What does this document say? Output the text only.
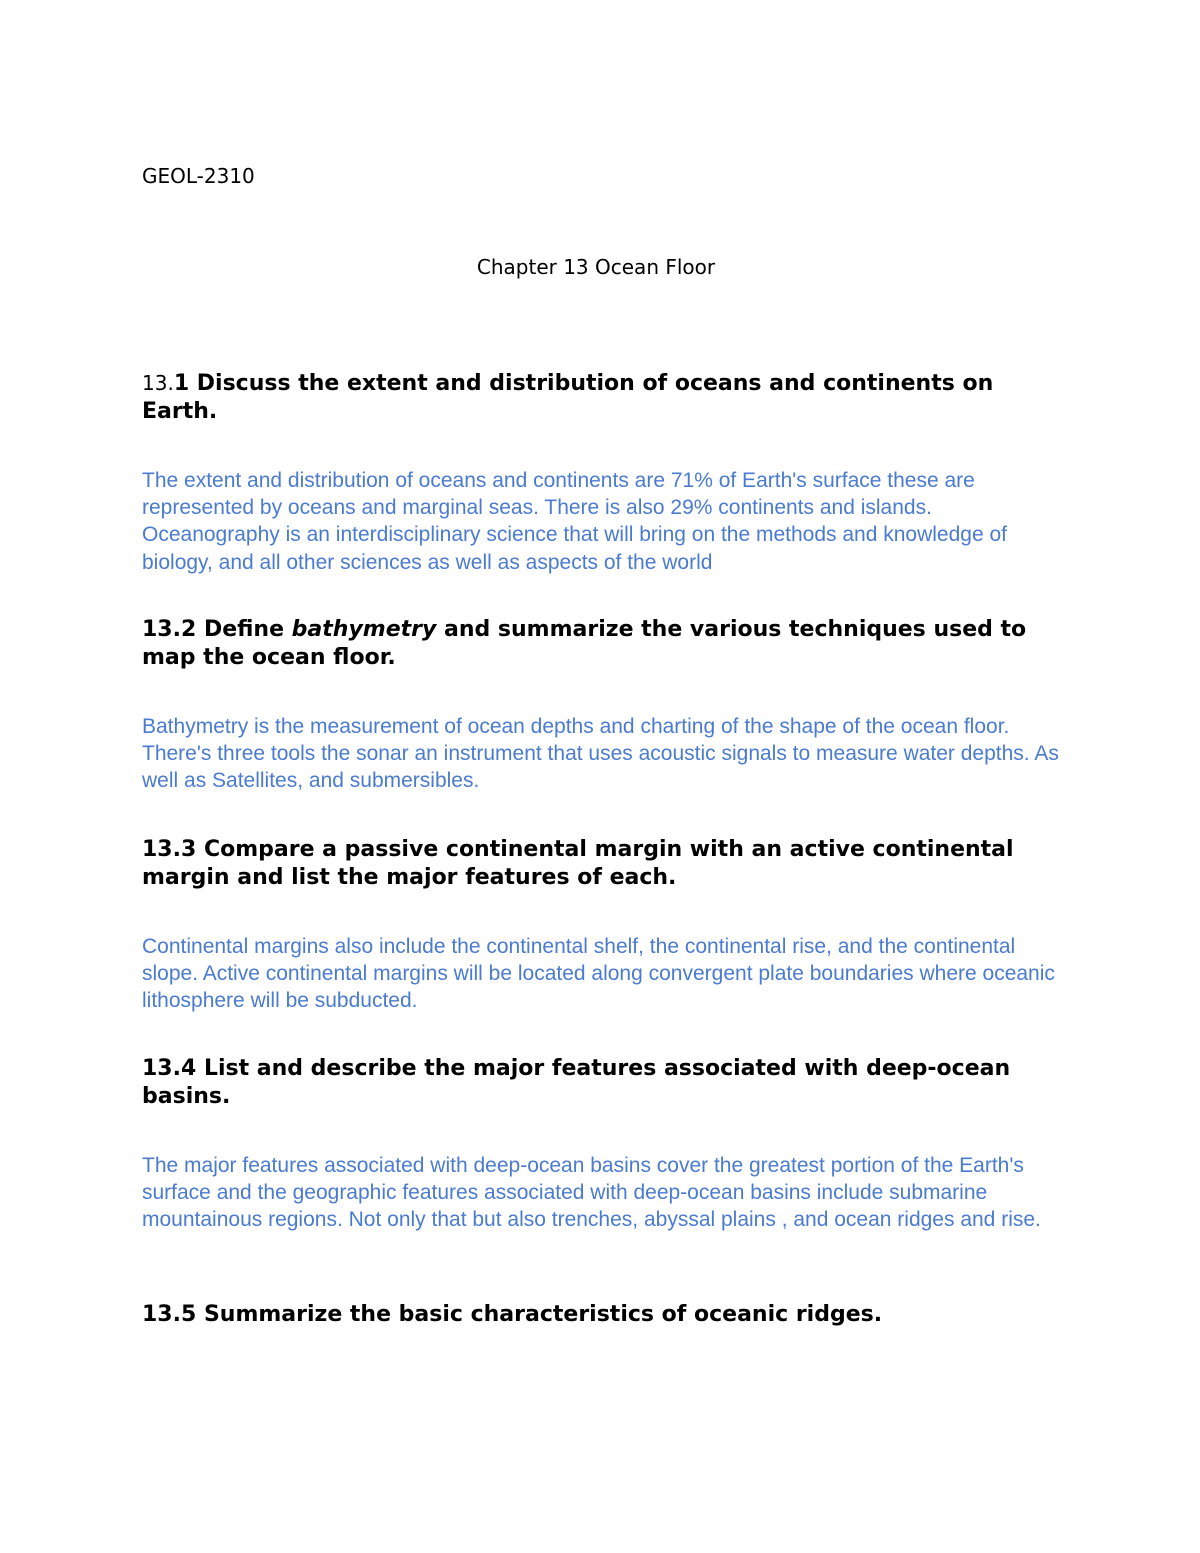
GEOL-2310

Chapter 13 Ocean Floor

13.1 Discuss the extent and distribution of oceans and continents on Earth.

The extent and distribution of oceans and continents are 71% of Earth's surface these are represented by oceans and marginal seas. There is also 29% continents and islands. Oceanography is an interdisciplinary science that will bring on the methods and knowledge of biology, and all other sciences as well as aspects of the world

13.2 Define bathymetry and summarize the various techniques used to map the ocean floor.

Bathymetry is the measurement of ocean depths and charting of the shape of the ocean floor. There's three tools the sonar an instrument that uses acoustic signals to measure water depths. As well as Satellites, and submersibles.

13.3 Compare a passive continental margin with an active continental margin and list the major features of each.

Continental margins also include the continental shelf, the continental rise, and the continental slope. Active continental margins will be located along convergent plate boundaries where oceanic lithosphere will be subducted.

13.4 List and describe the major features associated with deep-ocean basins.

The major features associated with deep-ocean basins cover the greatest portion of the Earth's surface and the geographic features associated with deep-ocean basins include submarine mountainous regions. Not only that but also trenches, abyssal plains , and ocean ridges and rise.

13.5 Summarize the basic characteristics of oceanic ridges.
